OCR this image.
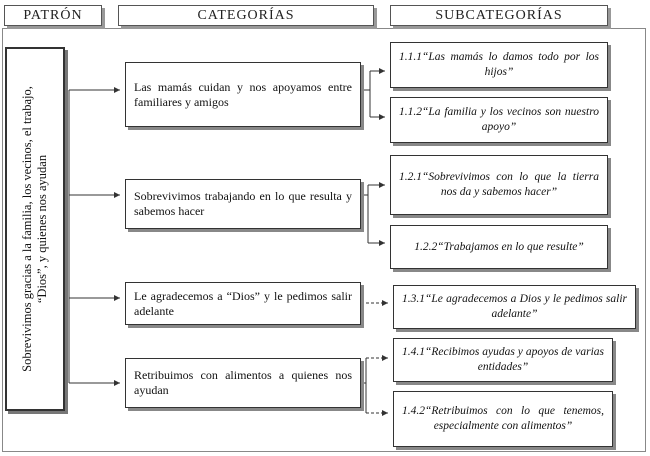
PATRÓN	CATEGORÍAS	SUBCATEGORÍAS
Sobrevivimos gracias a la familia, los vecinos, el trabajo, “Dios”, y quienes nos ayudan
Las mamás cuidan y nos apoyamos entre familiares y amigos
Sobrevivimos trabajando en lo que resulta y sabemos hacer
Le agradecemos a “Dios” y le pedimos salir adelante
Retribuimos con alimentos a quienes nos ayudan
1.1.1“Las mamás lo damos todo por los hijos”
1.1.2“La familia y los vecinos son nuestro apoyo”
1.2.1“Sobrevivimos con lo que la tierra nos da y sabemos hacer”
1.2.2“Trabajamos en lo que resulte”
1.3.1“Le agradecemos a Dios y le pedimos salir adelante”
1.4.1“Recibimos ayudas y apoyos de varias entidades”
1.4.2“Retribuimos con lo que tenemos, especialmente con alimentos”
